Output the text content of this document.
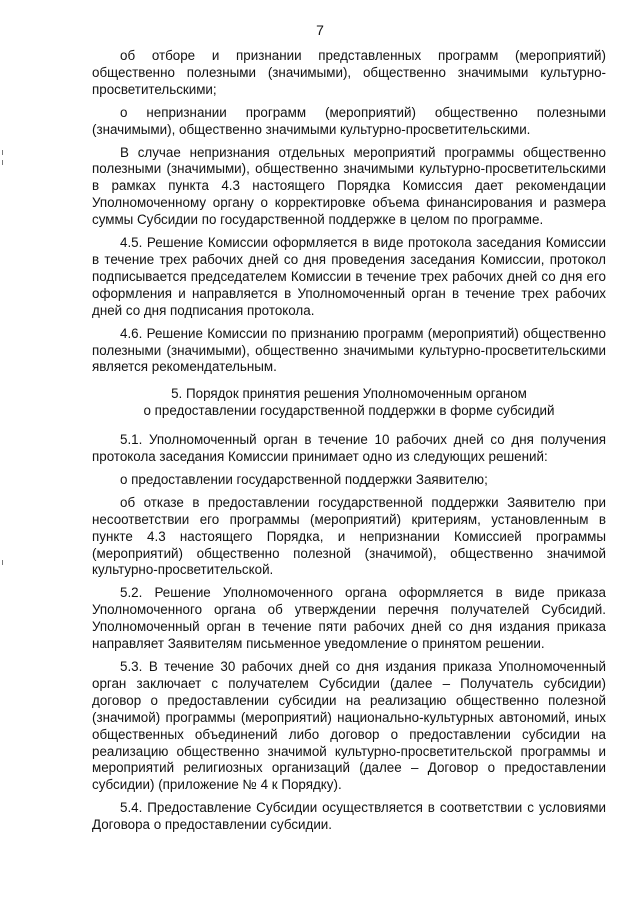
7

об отборе и признании представленных программ (мероприятий) общественно полезными (значимыми), общественно значимыми культурно-просветительскими;

о непризнании программ (мероприятий) общественно полезными (значимыми), общественно значимыми культурно-просветительскими.

В случае непризнания отдельных мероприятий программы общественно полезными (значимыми), общественно значимыми культурно-просветительскими в рамках пункта 4.3 настоящего Порядка Комиссия дает рекомендации Уполномоченному органу о корректировке объема финансирования и размера суммы Субсидии по государственной поддержке в целом по программе.

4.5. Решение Комиссии оформляется в виде протокола заседания Комиссии в течение трех рабочих дней со дня проведения заседания Комиссии, протокол подписывается председателем Комиссии в течение трех рабочих дней со дня его оформления и направляется в Уполномоченный орган в течение трех рабочих дней со дня подписания протокола.

4.6. Решение Комиссии по признанию программ (мероприятий) общественно полезными (значимыми), общественно значимыми культурно-просветительскими является рекомендательным.

5. Порядок принятия решения Уполномоченным органом
о предоставлении государственной поддержки в форме субсидий

5.1. Уполномоченный орган в течение 10 рабочих дней со дня получения протокола заседания Комиссии принимает одно из следующих решений:

о предоставлении государственной поддержки Заявителю;

об отказе в предоставлении государственной поддержки Заявителю при несоответствии его программы (мероприятий) критериям, установленным в пункте 4.3 настоящего Порядка, и непризнании Комиссией программы (мероприятий) общественно полезной (значимой), общественно значимой культурно-просветительской.

5.2. Решение Уполномоченного органа оформляется в виде приказа Уполномоченного органа об утверждении перечня получателей Субсидий. Уполномоченный орган в течение пяти рабочих дней со дня издания приказа направляет Заявителям письменное уведомление о принятом решении.

5.3. В течение 30 рабочих дней со дня издания приказа Уполномоченный орган заключает с получателем Субсидии (далее – Получатель субсидии) договор о предоставлении субсидии на реализацию общественно полезной (значимой) программы (мероприятий) национально-культурных автономий, иных общественных объединений либо договор о предоставлении субсидии на реализацию общественно значимой культурно-просветительской программы и мероприятий религиозных организаций (далее – Договор о предоставлении субсидии) (приложение № 4 к Порядку).

5.4. Предоставление Субсидии осуществляется в соответствии с условиями Договора о предоставлении субсидии.
